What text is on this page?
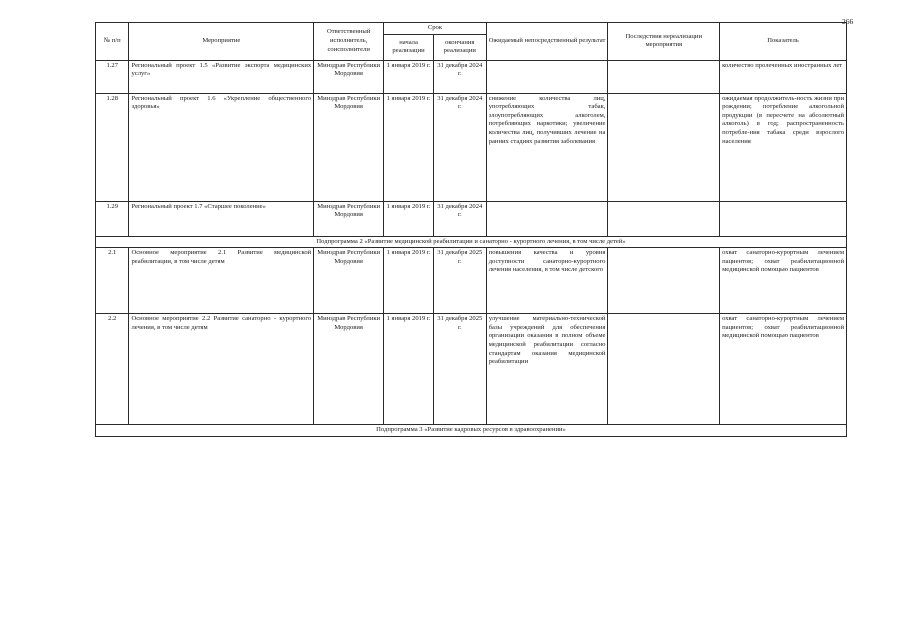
266
№ п/п	Мероприятие	Ответственный исполнитель, соисполнители	Срок		Ожидаемый непосредственный результат	Последствия нереализации мероприятия	Показатель
			начала реализации	окончания реализации			
1.27	Региональный проект 1.5 «Развитие экспорта медицинских услуг»	Минздрав Республики Мордовия	1 января 2019 г.	31 декабря 2024 г.			количество пролеченных иностранных лет
1.28	Региональный проект 1.6 «Укрепление общественного здоровья»	Минздрав Республики Мордовия	1 января 2019 г.	31 декабря 2024 г.	снижение количества лиц, употребляющих табак, злоупотребляющих алкоголем, потребляющих наркотики; увеличение количества лиц, получивших лечение на ранних стадиях развития заболевания		ожидаемая продолжитель-ность жизни при рождении; потребление алкогольной продукции (в пересчете на абсолютный алкоголь) в год; распространенность потребле-ния табака среди взрослого населения
1.29	Региональный проект 1.7 «Старшее поколение»	Минздрав Республики Мордовия	1 января 2019 г.	31 декабря 2024 г.			
Подпрограмма 2 «Развитие медицинской реабилитации и санаторно - курортного лечения, в том числе детей»							
2.1	Основное мероприятие 2.1 Развитие медицинской реабилитации, в том числе детям	Минздрав Республики Мордовия	1 января 2019 г.	31 декабря 2025 г.	повышения качества и уровня доступности санаторно-курортного лечения населения, в том числе детского		охват санаторно-курортным лечением пациентов; охват реабилитационной медицинской помощью пациентов
2.2	Основное мероприятие 2.2 Развитие санаторно - курортного лечения, в том числе детям	Минздрав Республики Мордовия	1 января 2019 г.	31 декабря 2025 г.	улучшение материально-технической базы учреждений для обеспечения организации оказания в полном объеме медицинской реабилитации согласно стандартам оказания медицинской реабилитации		охват санаторно-курортным лечением пациентов; охват реабилитационной медицинской помощью пациентов
Подпрограмма 3 «Развитие кадровых ресурсов в здравоохранении»							
